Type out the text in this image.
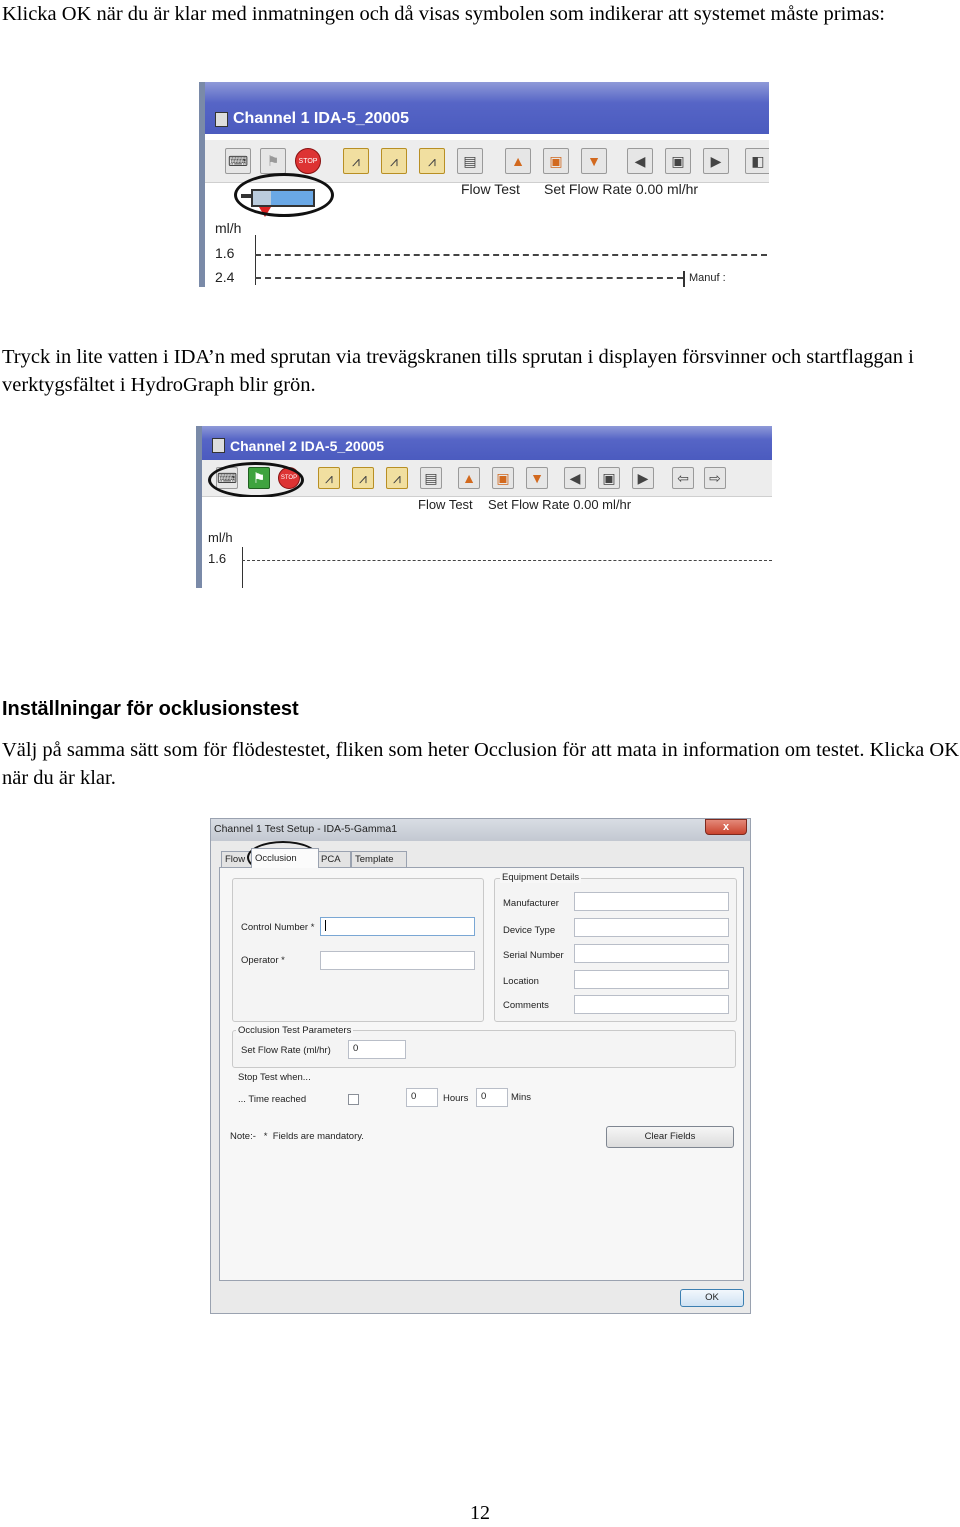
Klicka OK när du är klar med inmatningen och då visas symbolen som indikerar att systemet måste primas:

Channel 1 IDA-5_20005
⌨ ⚑	STOP ⩘ ⩘ ⩘ ▤ ▲ ▣ ▼ ◀ ▣ ▶ ◧
Flow Test Set Flow Rate 0.00 ml/hr
ml/h
1.6
2.4	Manuf :

Tryck in lite vatten i IDA’n med sprutan via trevägskranen tills sprutan i displayen försvinner och startflaggan i verktygsfältet i HydroGraph blir grön.

Channel 2 IDA-5_20005
⌨ ⚑	STOP ⩘ ⩘ ⩘ ▤ ▲ ▣ ▼ ◀ ▣ ▶ ⇦ ⇨
Flow Test Set Flow Rate 0.00 ml/hr
ml/h
1.6
Inställningar för ocklusionstest

Välj på samma sätt som för flödestestet, fliken som heter Occlusion för att mata in information om testet. Klicka OK när du är klar.

Channel 1 Test Setup - IDA-5-Gamma1	x
Flow	Occlusion	PCA	Template
Control Number *
Operator *
Equipment Details
Manufacturer
Device Type
Serial Number
Location
Comments
Occlusion Test Parameters
Set Flow Rate (ml/hr)	0
Stop Test when...
... Time reached	0	Hours	0	Mins
Note:-   *  Fields are mandatory.	Clear Fields
OK
12
